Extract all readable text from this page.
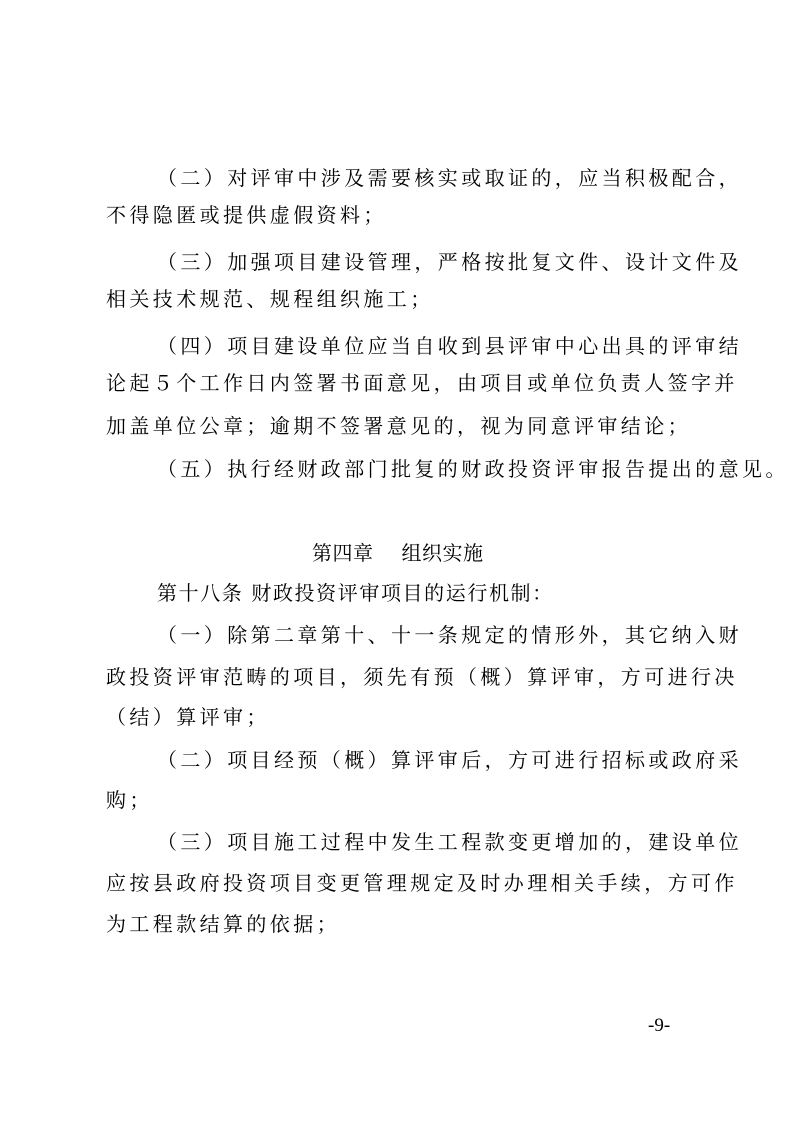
（二）对评审中涉及需要核实或取证的，应当积极配合，
不得隐匿或提供虚假资料；
（三）加强项目建设管理，严格按批复文件、设计文件及
相关技术规范、规程组织施工；
（四）项目建设单位应当自收到县评审中心出具的评审结
论起５个工作日内签署书面意见，由项目或单位负责人签字并
加盖单位公章；逾期不签署意见的，视为同意评审结论；
（五）执行经财政部门批复的财政投资评审报告提出的意见。
第四章 组织实施
第十八条 财政投资评审项目的运行机制：
（一）除第二章第十、十一条规定的情形外，其它纳入财
政投资评审范畴的项目，须先有预（概）算评审，方可进行决
（结）算评审；
（二）项目经预（概）算评审后，方可进行招标或政府采
购；
（三）项目施工过程中发生工程款变更增加的，建设单位
应按县政府投资项目变更管理规定及时办理相关手续，方可作
为工程款结算的依据；
-9-
